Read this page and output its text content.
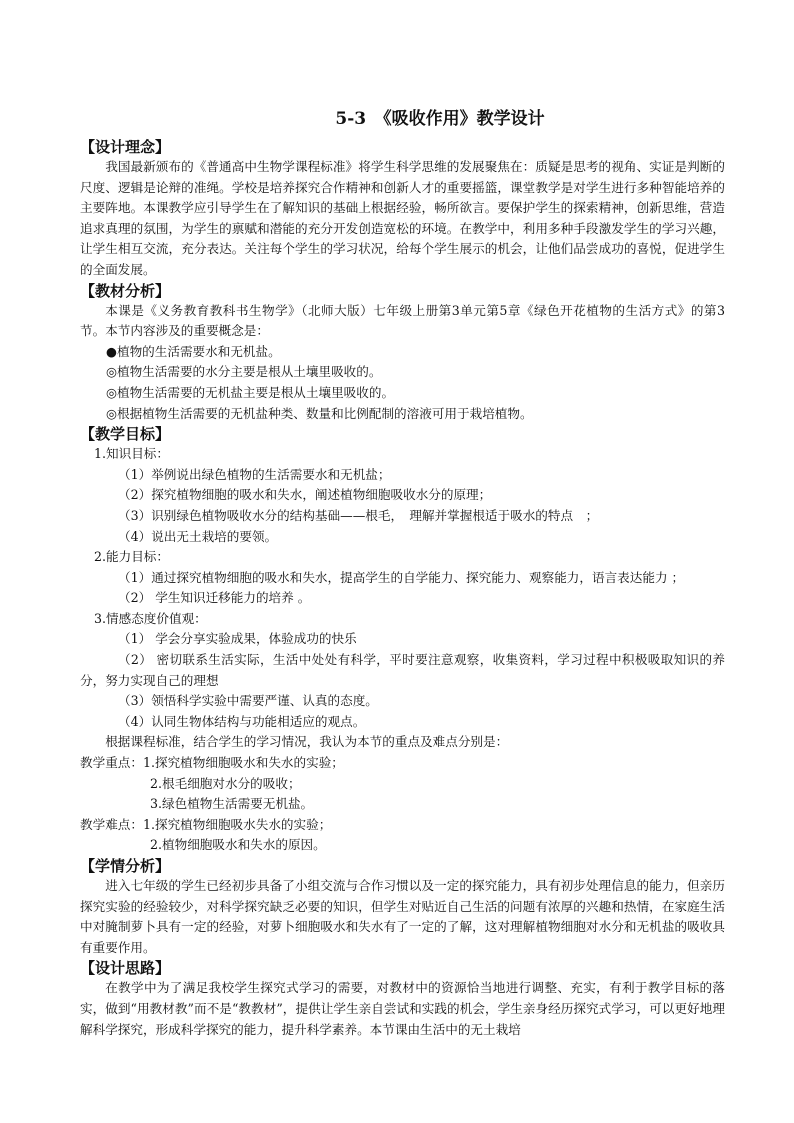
5-3　《吸收作用》教学设计
【设计理念】

我国最新颁布的《普通高中生物学课程标准》将学生科学思维的发展聚焦在：质疑是思考的视角、实证是判断的尺度、逻辑是论辩的准绳。学校是培养探究合作精神和创新人才的重要摇篮，课堂教学是对学生进行多种智能培养的主要阵地。本课教学应引导学生在了解知识的基础上根据经验，畅所欲言。要保护学生的探索精神，创新思维，营造追求真理的氛围，为学生的禀赋和潜能的充分开发创造宽松的环境。在教学中，利用多种手段激发学生的学习兴趣，让学生相互交流，充分表达。关注每个学生的学习状况，给每个学生展示的机会，让他们品尝成功的喜悦，促进学生的全面发展。

【教材分析】

本课是《义务教育教科书生物学》（北师大版）七年级上册第3单元第5章《绿色开花植物的生活方式》的第3节。本节内容涉及的重要概念是：

●植物的生活需要水和无机盐。

◎植物生活需要的水分主要是根从土壤里吸收的。

◎植物生活需要的无机盐主要是根从土壤里吸收的。

◎根据植物生活需要的无机盐种类、数量和比例配制的溶液可用于栽培植物。

【教学目标】

1.知识目标：

（1）举例说出绿色植物的生活需要水和无机盐；

（2）探究植物细胞的吸水和失水，阐述植物细胞吸收水分的原理；

（3）识别绿色植物吸收水分的结构基础——根毛，　理解并掌握根适于吸水的特点　；

（4）说出无土栽培的要领。

2.能力目标：

（1）通过探究植物细胞的吸水和失水，提高学生的自学能力、探究能力、观察能力，语言表达能力 ；

（2） 学生知识迁移能力的培养 。

3.情感态度价值观：

（1） 学会分享实验成果，体验成功的快乐

（2） 密切联系生活实际，生活中处处有科学，平时要注意观察，收集资料，学习过程中积极吸取知识的养分，努力实现自己的理想

（3）领悟科学实验中需要严谨、认真的态度。

（4）认同生物体结构与功能相适应的观点。

根据课程标准，结合学生的学习情况，我认为本节的重点及难点分别是：

教学重点：1.探究植物细胞吸水和失水的实验；

2.根毛细胞对水分的吸收；

3.绿色植物生活需要无机盐。

教学难点：1.探究植物细胞吸水失水的实验；

2.植物细胞吸水和失水的原因。

【学情分析】

进入七年级的学生已经初步具备了小组交流与合作习惯以及一定的探究能力，具有初步处理信息的能力，但亲历探究实验的经验较少，对科学探究缺乏必要的知识，但学生对贴近自己生活的问题有浓厚的兴趣和热情，在家庭生活中对腌制萝卜具有一定的经验，对萝卜细胞吸水和失水有了一定的了解，这对理解植物细胞对水分和无机盐的吸收具有重要作用。

【设计思路】

在教学中为了满足我校学生探究式学习的需要，对教材中的资源恰当地进行调整、充实，有利于教学目标的落实，做到“用教材教”而不是“教教材”，提供让学生亲自尝试和实践的机会，学生亲身经历探究式学习，可以更好地理解科学探究，形成科学探究的能力，提升科学素养。本节课由生活中的无土栽培
